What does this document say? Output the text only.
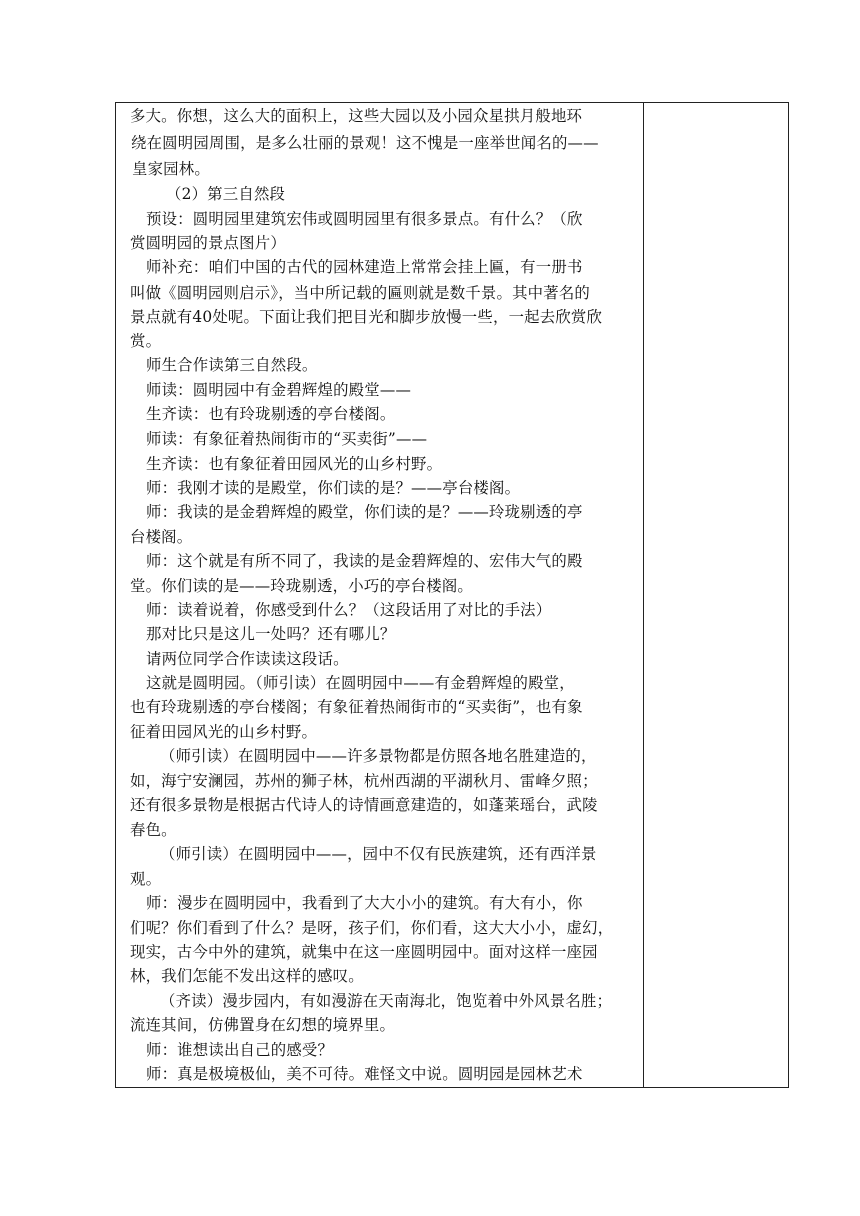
多大。你想，这么大的面积上，这些大园以及小园众星拱月般地环
绕在圆明园周围，是多么壮丽的景观！这不愧是一座举世闻名的——
皇家园林。
（2）第三自然段
预设：圆明园里建筑宏伟或圆明园里有很多景点。有什么？（欣
赏圆明园的景点图片）
师补充：咱们中国的古代的园林建造上常常会挂上匾，有一册书
叫做《圆明园则启示》，当中所记载的匾则就是数千景。其中著名的
景点就有40处呢。下面让我们把目光和脚步放慢一些，一起去欣赏欣
赏。
师生合作读第三自然段。
师读：圆明园中有金碧辉煌的殿堂——
生齐读：也有玲珑剔透的亭台楼阁。
师读：有象征着热闹街市的“买卖街”——
生齐读：也有象征着田园风光的山乡村野。
师：我刚才读的是殿堂，你们读的是？——亭台楼阁。
师：我读的是金碧辉煌的殿堂，你们读的是？——玲珑剔透的亭
台楼阁。
师：这个就是有所不同了，我读的是金碧辉煌的、宏伟大气的殿
堂。你们读的是——玲珑剔透，小巧的亭台楼阁。
师：读着说着，你感受到什么？（这段话用了对比的手法）
那对比只是这儿一处吗？还有哪儿？
请两位同学合作读读这段话。
这就是圆明园。（师引读）在圆明园中——有金碧辉煌的殿堂，
也有玲珑剔透的亭台楼阁；有象征着热闹街市的“买卖街”，也有象
征着田园风光的山乡村野。
（师引读）在圆明园中——许多景物都是仿照各地名胜建造的，
如，海宁安澜园，苏州的狮子林，杭州西湖的平湖秋月、雷峰夕照；
还有很多景物是根据古代诗人的诗情画意建造的，如蓬莱瑶台，武陵
春色。
（师引读）在圆明园中——，园中不仅有民族建筑，还有西洋景
观。
师：漫步在圆明园中，我看到了大大小小的建筑。有大有小，你
们呢？你们看到了什么？是呀，孩子们，你们看，这大大小小，虚幻，
现实，古今中外的建筑，就集中在这一座圆明园中。面对这样一座园
林，我们怎能不发出这样的感叹。
（齐读）漫步园内，有如漫游在天南海北，饱览着中外风景名胜；
流连其间，仿佛置身在幻想的境界里。
师：谁想读出自己的感受？
师：真是极境极仙，美不可待。难怪文中说。圆明园是园林艺术
